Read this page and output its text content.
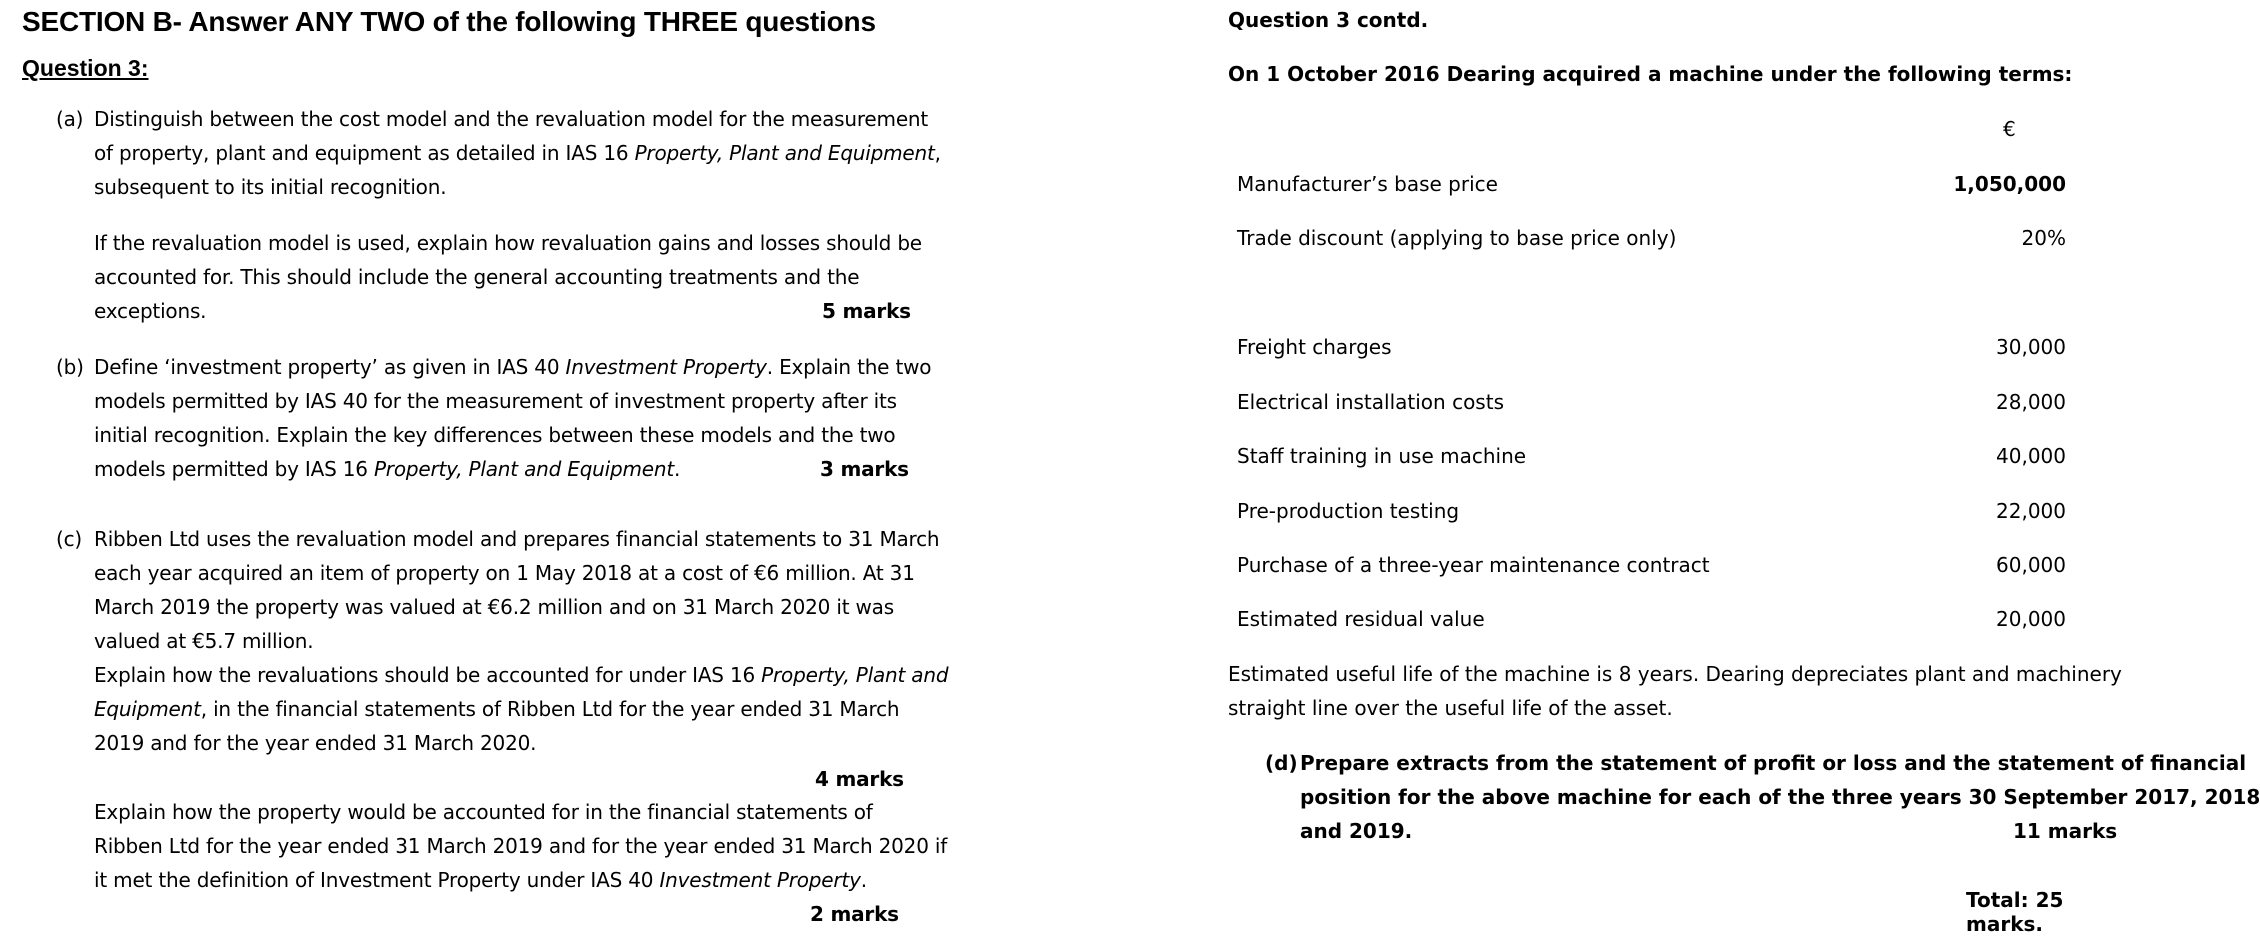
SECTION B- Answer ANY TWO of the following THREE questions
Question 3:
(a) Distinguish between the cost model and the revaluation model for the measurement
of property, plant and equipment as detailed in IAS 16 Property, Plant and Equipment,
subsequent to its initial recognition.
If the revaluation model is used, explain how revaluation gains and losses should be
accounted for. This should include the general accounting treatments and the
exceptions.	5 marks
(b) Define ‘investment property’ as given in IAS 40 Investment Property. Explain the two
models permitted by IAS 40 for the measurement of investment property after its
initial recognition. Explain the key differences between these models and the two
models permitted by IAS 16 Property, Plant and Equipment.	3 marks
(c) Ribben Ltd uses the revaluation model and prepares financial statements to 31 March
each year acquired an item of property on 1 May 2018 at a cost of €6 million. At 31
March 2019 the property was valued at €6.2 million and on 31 March 2020 it was
valued at €5.7 million.
Explain how the revaluations should be accounted for under IAS 16 Property, Plant and
Equipment, in the financial statements of Ribben Ltd for the year ended 31 March
2019 and for the year ended 31 March 2020.
4 marks
Explain how the property would be accounted for in the financial statements of
Ribben Ltd for the year ended 31 March 2019 and for the year ended 31 March 2020 if
it met the definition of Investment Property under IAS 40 Investment Property.
2 marks
Question 3 contd.
On 1 October 2016 Dearing acquired a machine under the following terms:
€
Manufacturer’s base price	1,050,000
Trade discount (applying to base price only)	20%
Freight charges	30,000
Electrical installation costs	28,000
Staff training in use machine	40,000
Pre-production testing	22,000
Purchase of a three-year maintenance contract	60,000
Estimated residual value	20,000
Estimated useful life of the machine is 8 years. Dearing depreciates plant and machinery
straight line over the useful life of the asset.
(d) Prepare extracts from the statement of profit or loss and the statement of financial
position for the above machine for each of the three years 30 September 2017, 2018
and 2019.	11 marks
Total: 25 marks.
